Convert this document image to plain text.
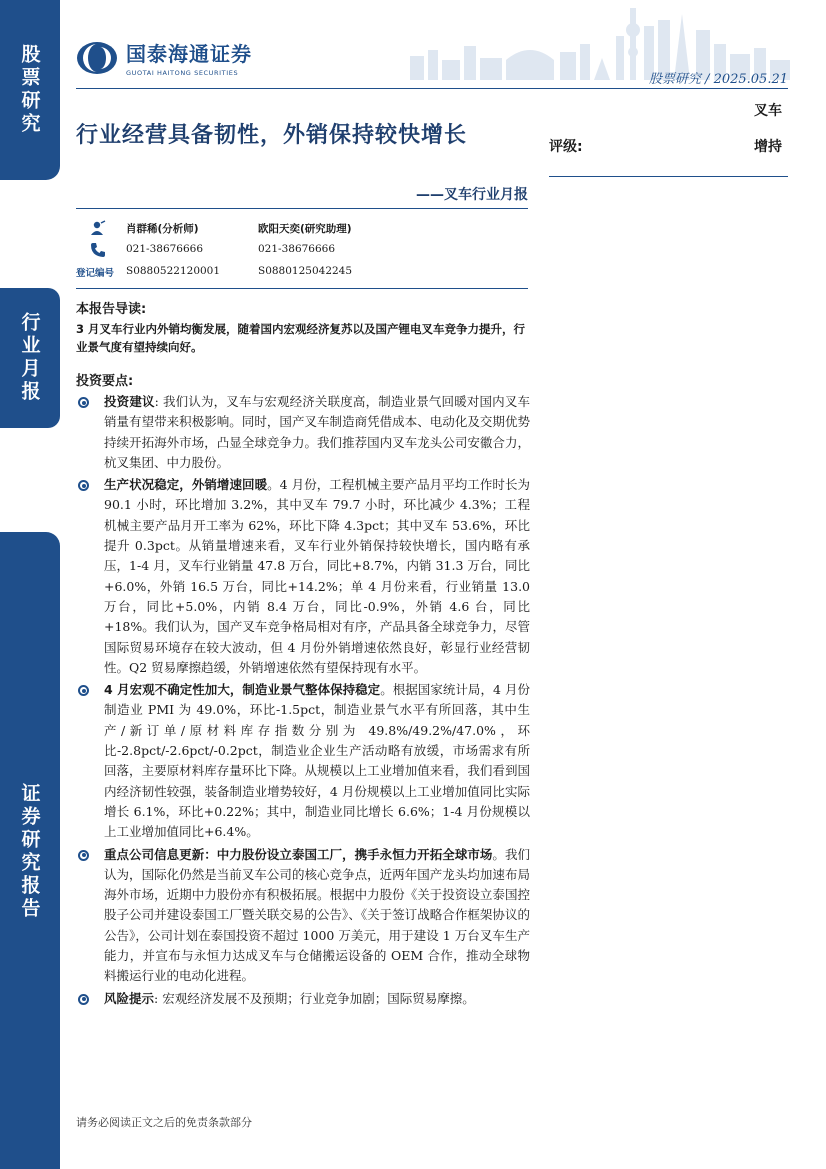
股票研究
行业月报
证券研究报告
国泰海通证券
GUOTAI HAITONG SECURITIES	股票研究 / 2025.05.21
叉车
评级:	增持
行业经营具备韧性，外销保持较快增长
——叉车行业月报
肖群稀(分析师)	欧阳天奕(研究助理)
021-38676666	021-38676666
登记编号 S0880522120001	S0880125042245
本报告导读:
3 月叉车行业内外销均衡发展，随着国内宏观经济复苏以及国产锂电叉车竞争力提升，行业景气度有望持续向好。
投资要点:
投资建议: 我们认为，叉车与宏观经济关联度高，制造业景气回暖对国内叉车销量有望带来积极影响。同时，国产叉车制造商凭借成本、电动化及交期优势持续开拓海外市场，凸显全球竞争力。我们推荐国内叉车龙头公司安徽合力，杭叉集团、中力股份。
生产状况稳定，外销增速回暖。4 月份，工程机械主要产品月平均工作时长为 90.1 小时，环比增加 3.2%，其中叉车 79.7 小时，环比减少 4.3%；工程机械主要产品月开工率为 62%，环比下降 4.3pct；其中叉车 53.6%，环比提升 0.3pct。从销量增速来看，叉车行业外销保持较快增长，国内略有承压，1-4 月，叉车行业销量 47.8 万台，同比+8.7%，内销 31.3 万台，同比+6.0%，外销 16.5 万台，同比+14.2%；单 4 月份来看，行业销量 13.0 万台，同比+5.0%，内销 8.4 万台，同比-0.9%，外销 4.6 台，同比+18%。我们认为，国产叉车竞争格局相对有序，产品具备全球竞争力，尽管国际贸易环境存在较大波动，但 4 月份外销增速依然良好，彰显行业经营韧性。Q2 贸易摩擦趋缓，外销增速依然有望保持现有水平。
4 月宏观不确定性加大，制造业景气整体保持稳定。根据国家统计局，4 月份制造业 PMI 为 49.0%，环比-1.5pct，制造业景气水平有所回落，其中生产/新订单/原材料库存指数分别为 49.8%/49.2%/47.0%，环比-2.8pct/-2.6pct/-0.2pct，制造业企业生产活动略有放缓，市场需求有所回落，主要原材料库存量环比下降。从规模以上工业增加值来看，我们看到国内经济韧性较强，装备制造业增势较好，4 月份规模以上工业增加值同比实际增长 6.1%，环比+0.22%；其中，制造业同比增长 6.6%；1-4 月份规模以上工业增加值同比+6.4%。
重点公司信息更新：中力股份设立泰国工厂，携手永恒力开拓全球市场。我们认为，国际化仍然是当前叉车公司的核心竞争点，近两年国产龙头均加速布局海外市场，近期中力股份亦有积极拓展。根据中力股份《关于投资设立泰国控股子公司并建设泰国工厂暨关联交易的公告》、《关于签订战略合作框架协议的公告》，公司计划在泰国投资不超过 1000 万美元，用于建设 1 万台叉车生产能力，并宣布与永恒力达成叉车与仓储搬运设备的 OEM 合作，推动全球物料搬运行业的电动化进程。
风险提示: 宏观经济发展不及预期；行业竞争加剧；国际贸易摩擦。
请务必阅读正文之后的免责条款部分
